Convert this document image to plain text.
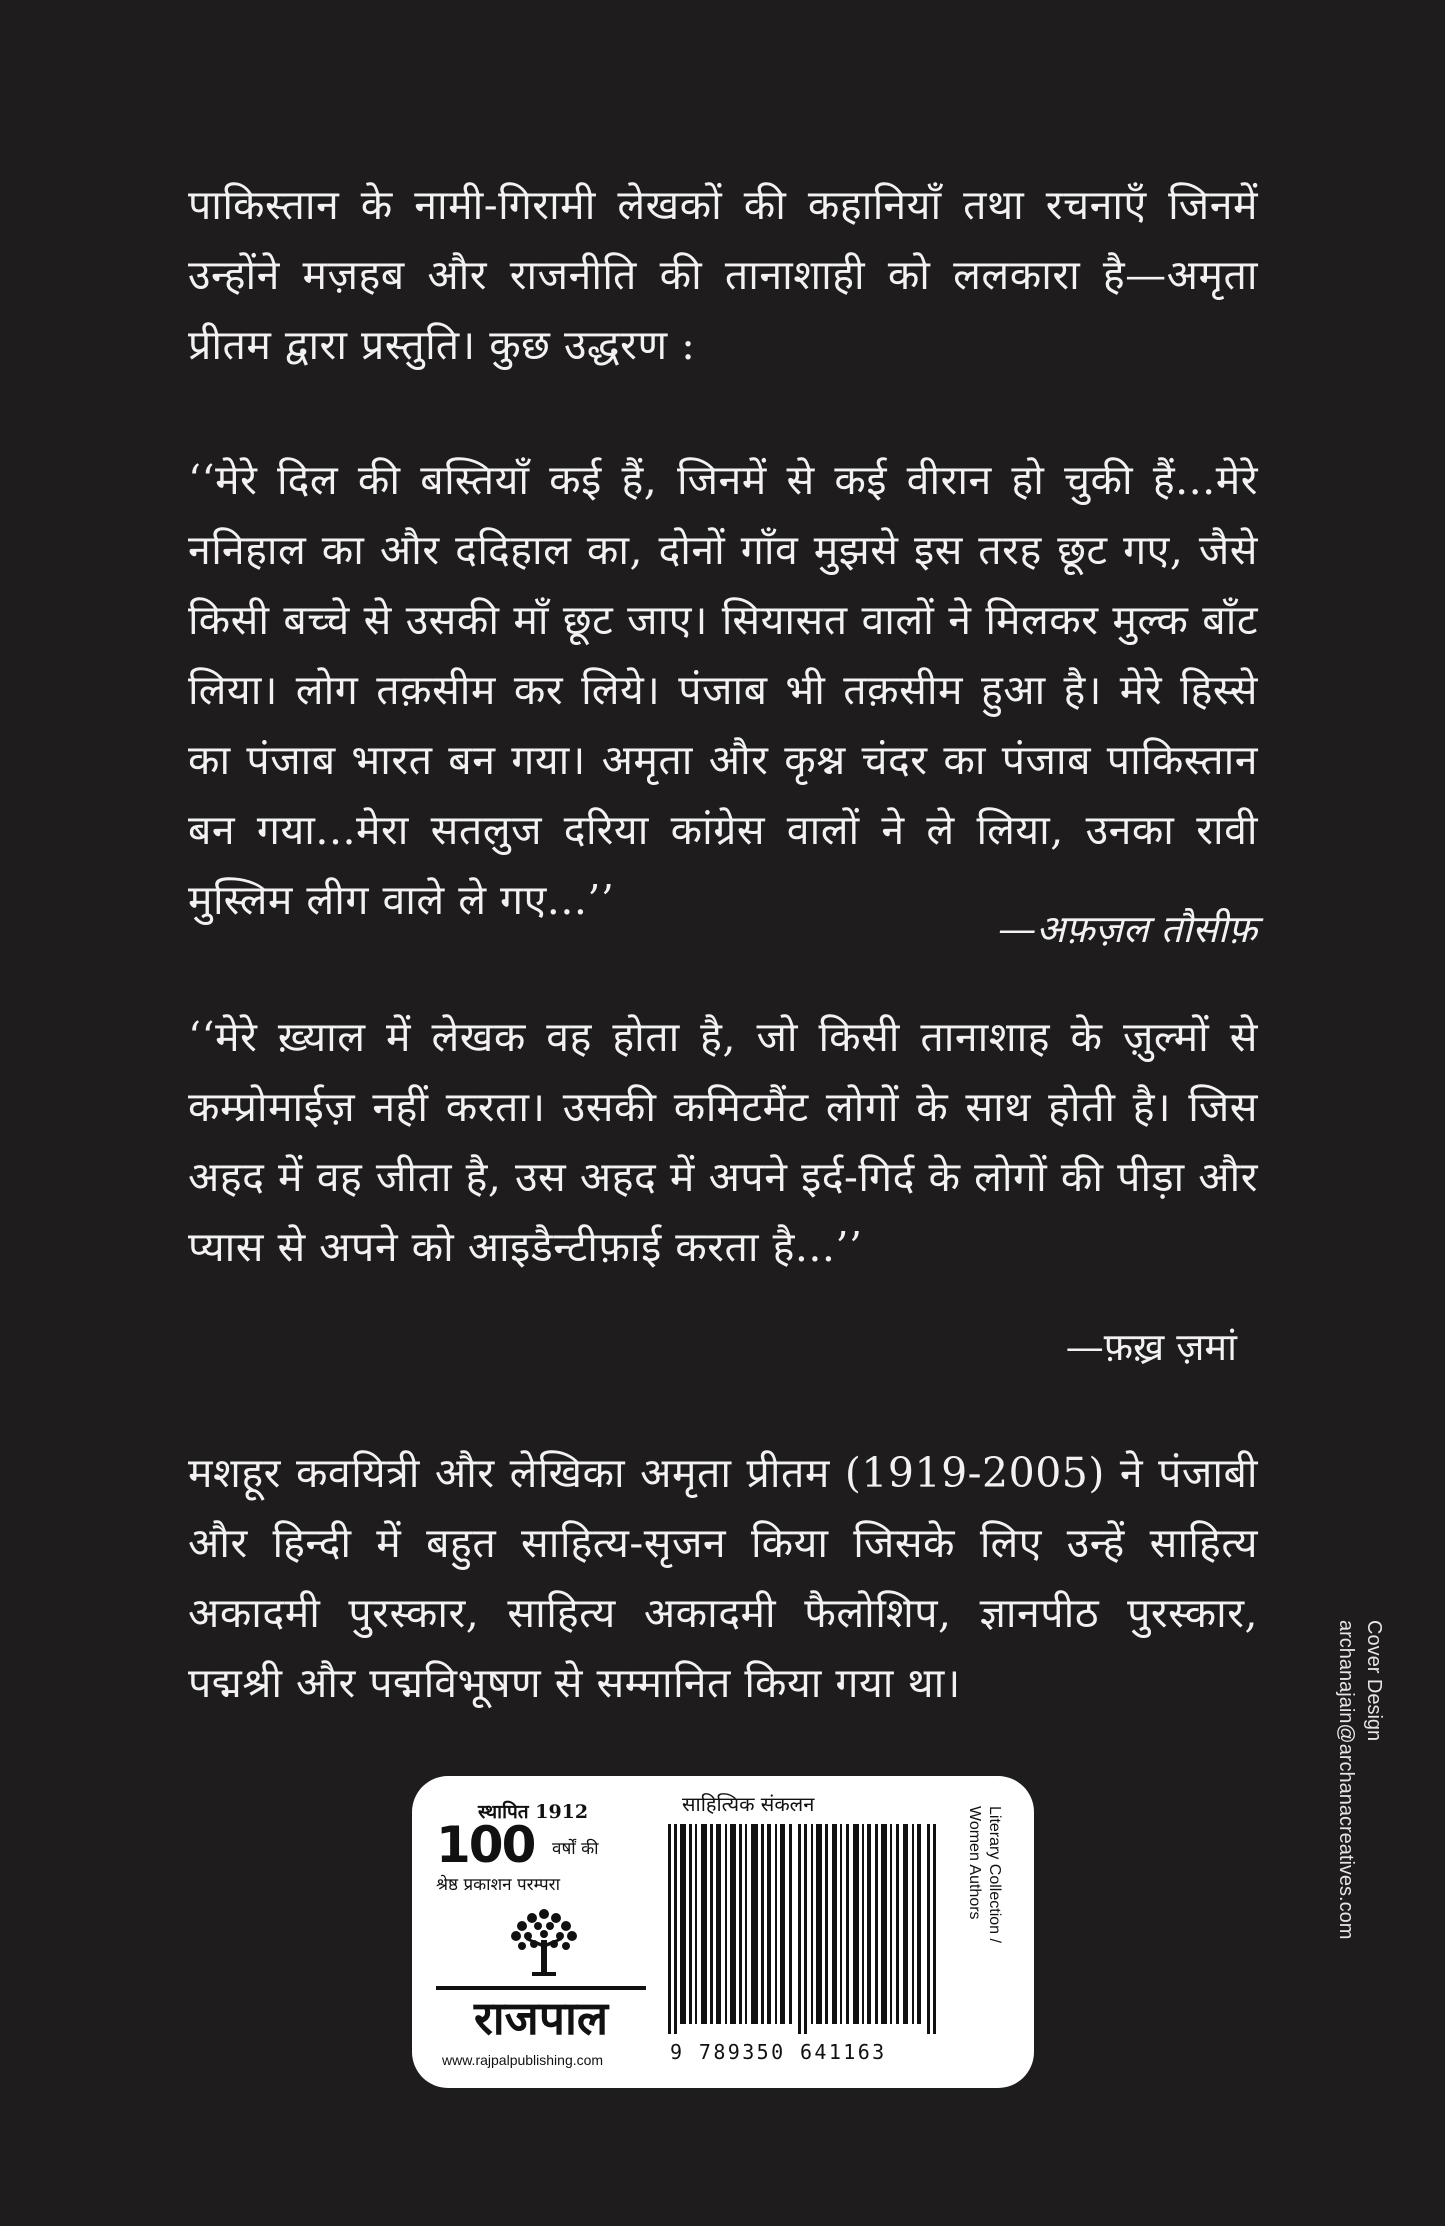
पाकिस्तान के नामी-गिरामी लेखकों की कहानियाँ तथा रचनाएँ जिनमें उन्होंने मज़हब और राजनीति की तानाशाही को ललकारा है—अमृता प्रीतम द्वारा प्रस्तुति। कुछ उद्धरण :
‘‘मेरे दिल की बस्तियाँ कई हैं, जिनमें से कई वीरान हो चुकी हैं...मेरे ननिहाल का और ददिहाल का, दोनों गाँव मुझसे इस तरह छूट गए, जैसे किसी बच्चे से उसकी माँ छूट जाए। सियासत वालों ने मिलकर मुल्क बाँट लिया। लोग तक़सीम कर लिये। पंजाब भी तक़सीम हुआ है। मेरे हिस्से का पंजाब भारत बन गया। अमृता और कृश्न चंदर का पंजाब पाकिस्तान बन गया...मेरा सतलुज दरिया कांग्रेस वालों ने ले लिया, उनका रावी मुस्लिम लीग वाले ले गए...’’
—अफ़ज़ल तौसीफ़
‘‘मेरे ख़्याल में लेखक वह होता है, जो किसी तानाशाह के ज़ुल्मों से कम्प्रोमाईज़ नहीं करता। उसकी कमिटमैंट लोगों के साथ होती है। जिस अहद में वह जीता है, उस अहद में अपने इर्द-गिर्द के लोगों की पीड़ा और प्यास से अपने को आइडैन्टीफ़ाई करता है...’’
—फ़ख़्र ज़मां
मशहूर कवयित्री और लेखिका अमृता प्रीतम (1919-2005) ने पंजाबी और हिन्दी में बहुत साहित्य-सृजन किया जिसके लिए उन्हें साहित्य अकादमी पुरस्कार, साहित्य अकादमी फैलोशिप, ज्ञानपीठ पुरस्कार, पद्मश्री और पद्मविभूषण से सम्मानित किया गया था।
स्थापित 1912
100 वर्षों की
श्रेष्ठ प्रकाशन परम्परा
राजपाल
www.rajpalpublishing.com
साहित्यिक संकलन
9 789350 641163
Literary Collection /
Women Authors
Cover Design
archanajain@archanacreatives.com
